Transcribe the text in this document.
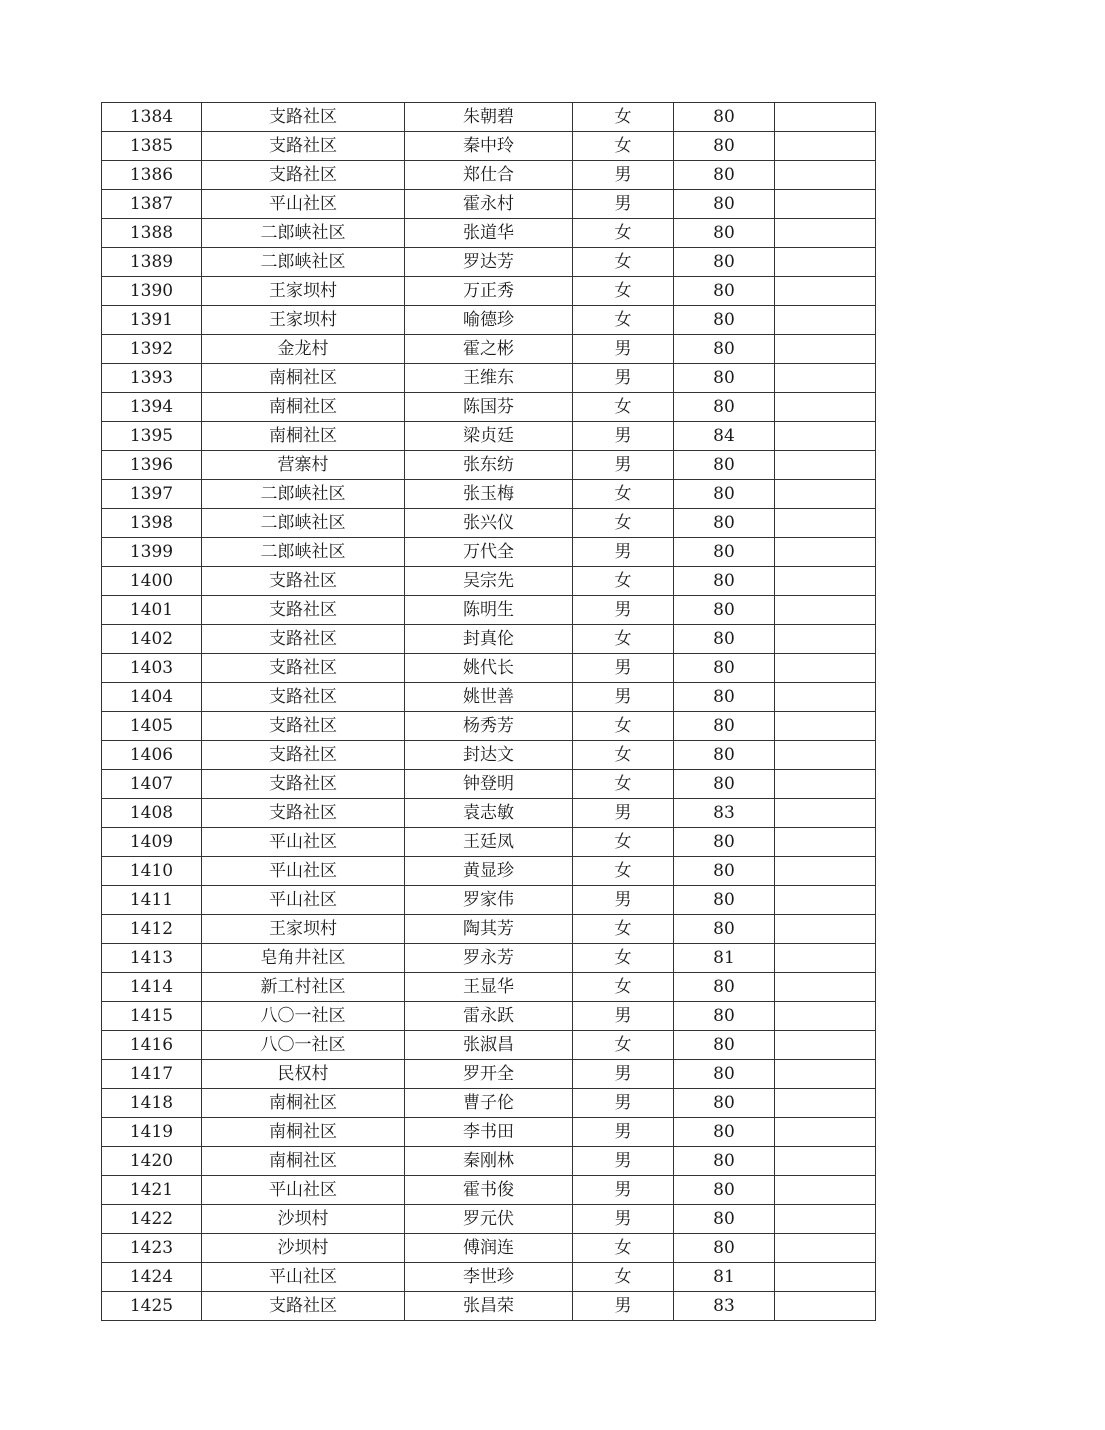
1384	支路社区	朱朝碧	女	80	
1385	支路社区	秦中玲	女	80	
1386	支路社区	郑仕合	男	80	
1387	平山社区	霍永村	男	80	
1388	二郎峡社区	张道华	女	80	
1389	二郎峡社区	罗达芳	女	80	
1390	王家坝村	万正秀	女	80	
1391	王家坝村	喻德珍	女	80	
1392	金龙村	霍之彬	男	80	
1393	南桐社区	王维东	男	80	
1394	南桐社区	陈国芬	女	80	
1395	南桐社区	梁贞廷	男	84	
1396	营寨村	张东纺	男	80	
1397	二郎峡社区	张玉梅	女	80	
1398	二郎峡社区	张兴仪	女	80	
1399	二郎峡社区	万代全	男	80	
1400	支路社区	吴宗先	女	80	
1401	支路社区	陈明生	男	80	
1402	支路社区	封真伦	女	80	
1403	支路社区	姚代长	男	80	
1404	支路社区	姚世善	男	80	
1405	支路社区	杨秀芳	女	80	
1406	支路社区	封达文	女	80	
1407	支路社区	钟登明	女	80	
1408	支路社区	袁志敏	男	83	
1409	平山社区	王廷凤	女	80	
1410	平山社区	黄显珍	女	80	
1411	平山社区	罗家伟	男	80	
1412	王家坝村	陶其芳	女	80	
1413	皂角井社区	罗永芳	女	81	
1414	新工村社区	王显华	女	80	
1415	八〇一社区	雷永跃	男	80	
1416	八〇一社区	张淑昌	女	80	
1417	民权村	罗开全	男	80	
1418	南桐社区	曹子伦	男	80	
1419	南桐社区	李书田	男	80	
1420	南桐社区	秦刚林	男	80	
1421	平山社区	霍书俊	男	80	
1422	沙坝村	罗元伏	男	80	
1423	沙坝村	傅润连	女	80	
1424	平山社区	李世珍	女	81	
1425	支路社区	张昌荣	男	83	
